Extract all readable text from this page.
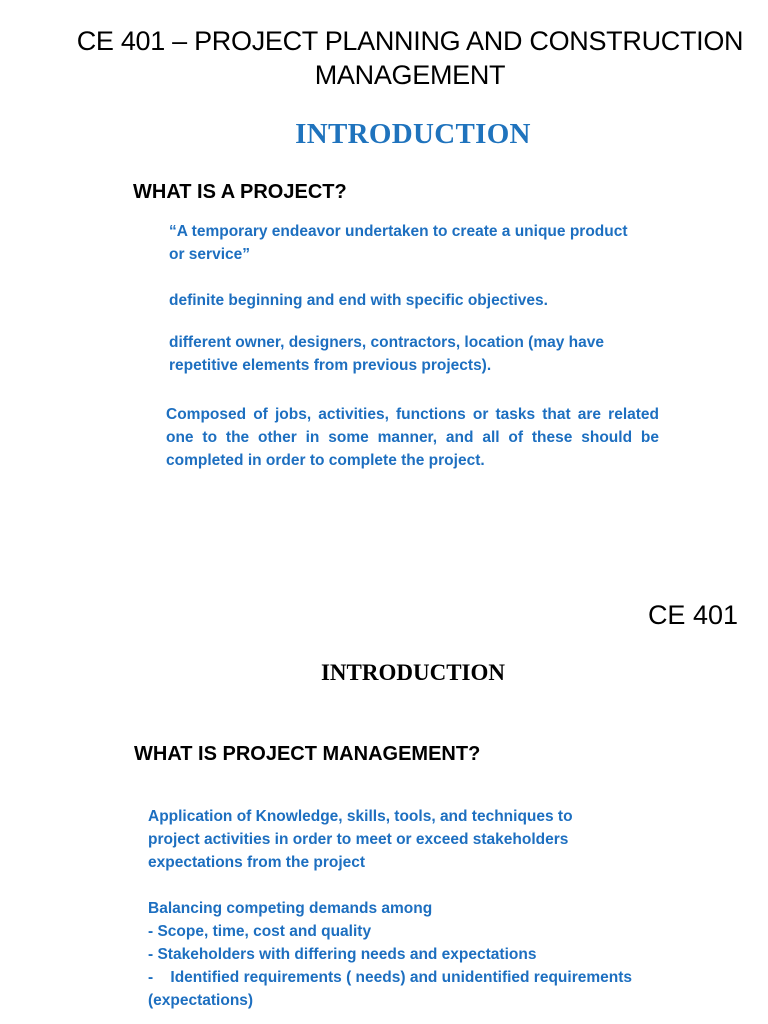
CE 401 – PROJECT PLANNING AND CONSTRUCTION MANAGEMENT
INTRODUCTION
WHAT IS A PROJECT?
“A temporary endeavor undertaken to create a unique product or service”
definite beginning and end with specific objectives.
different owner, designers, contractors, location (may have repetitive elements from previous projects).
Composed of jobs, activities, functions or tasks that are related one to the other in some manner, and all of these should be completed in order to complete the project.
CE 401
INTRODUCTION
WHAT IS PROJECT MANAGEMENT?
Application of Knowledge, skills, tools, and techniques to project activities in order to meet or exceed stakeholders expectations from the project
Balancing competing demands among
- Scope, time, cost and quality
- Stakeholders with differing needs and expectations
-    Identified requirements ( needs) and unidentified requirements
(expectations)
